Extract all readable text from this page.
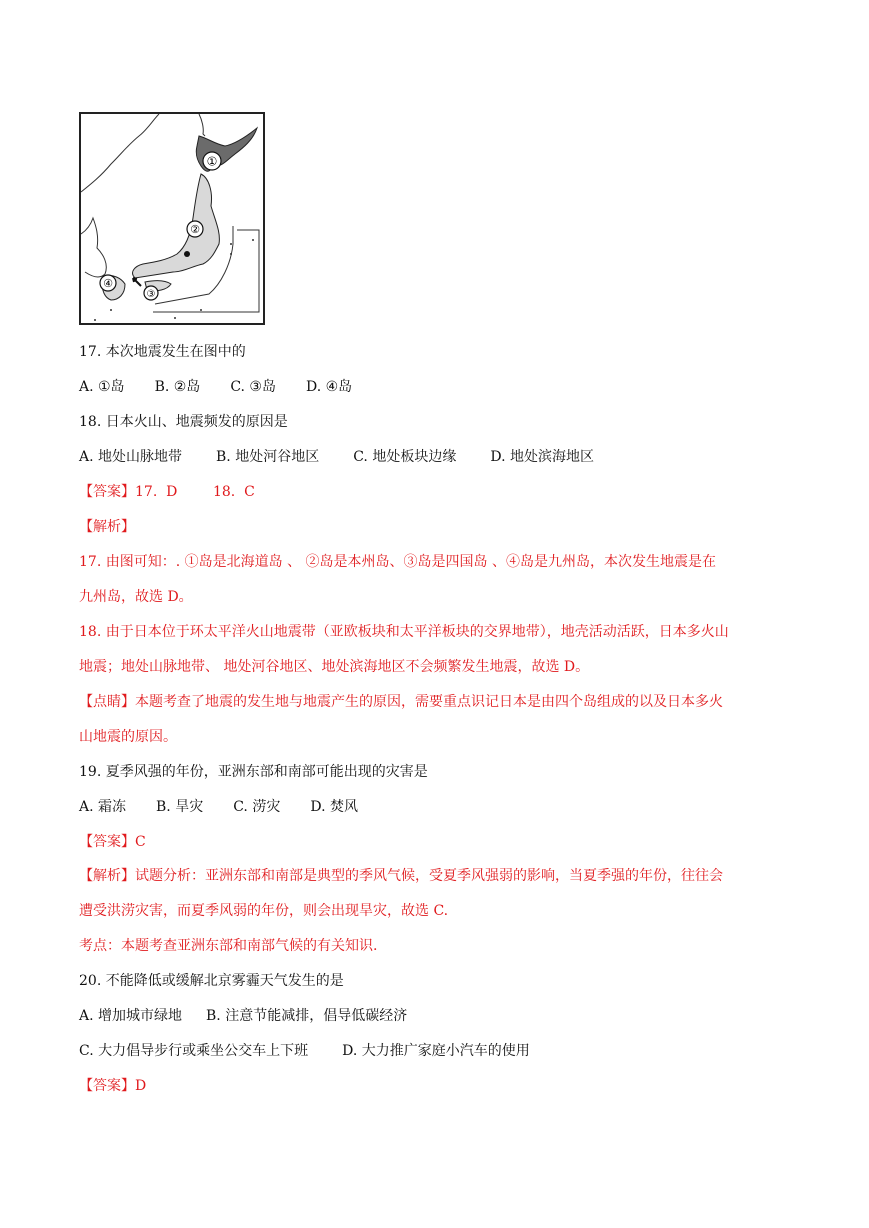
①
②
③
④
17. 本次地震发生在图中的
A. ①岛 B. ②岛 C. ③岛 D. ④岛
18. 日本火山、地震频发的原因是
A. 地处山脉地带 B. 地处河谷地区 C. 地处板块边缘 D. 地处滨海地区
【答案】17.  D        18.  C
【解析】
17. 由图可知：. ①岛是北海道岛 、 ②岛是本州岛、③岛是四国岛 、④岛是九州岛，本次发生地震是在
九州岛，故选 D。
18. 由于日本位于环太平洋火山地震带（亚欧板块和太平洋板块的交界地带），地壳活动活跃，日本多火山
地震；地处山脉地带、 地处河谷地区、地处滨海地区不会频繁发生地震，故选 D。
【点睛】本题考查了地震的发生地与地震产生的原因，需要重点识记日本是由四个岛组成的以及日本多火
山地震的原因。
19. 夏季风强的年份，亚洲东部和南部可能出现的灾害是
A. 霜冻 B. 旱灾 C. 涝灾 D. 焚风
【答案】C
【解析】试题分析：亚洲东部和南部是典型的季风气候，受夏季风强弱的影响，当夏季强的年份，往往会
遭受洪涝灾害，而夏季风弱的年份，则会出现旱灾，故选 C.
考点：本题考查亚洲东部和南部气候的有关知识.
20. 不能降低或缓解北京雾霾天气发生的是
A. 增加城市绿地 B. 注意节能减排，倡导低碳经济
C. 大力倡导步行或乘坐公交车上下班 D. 大力推广家庭小汽车的使用
【答案】D
